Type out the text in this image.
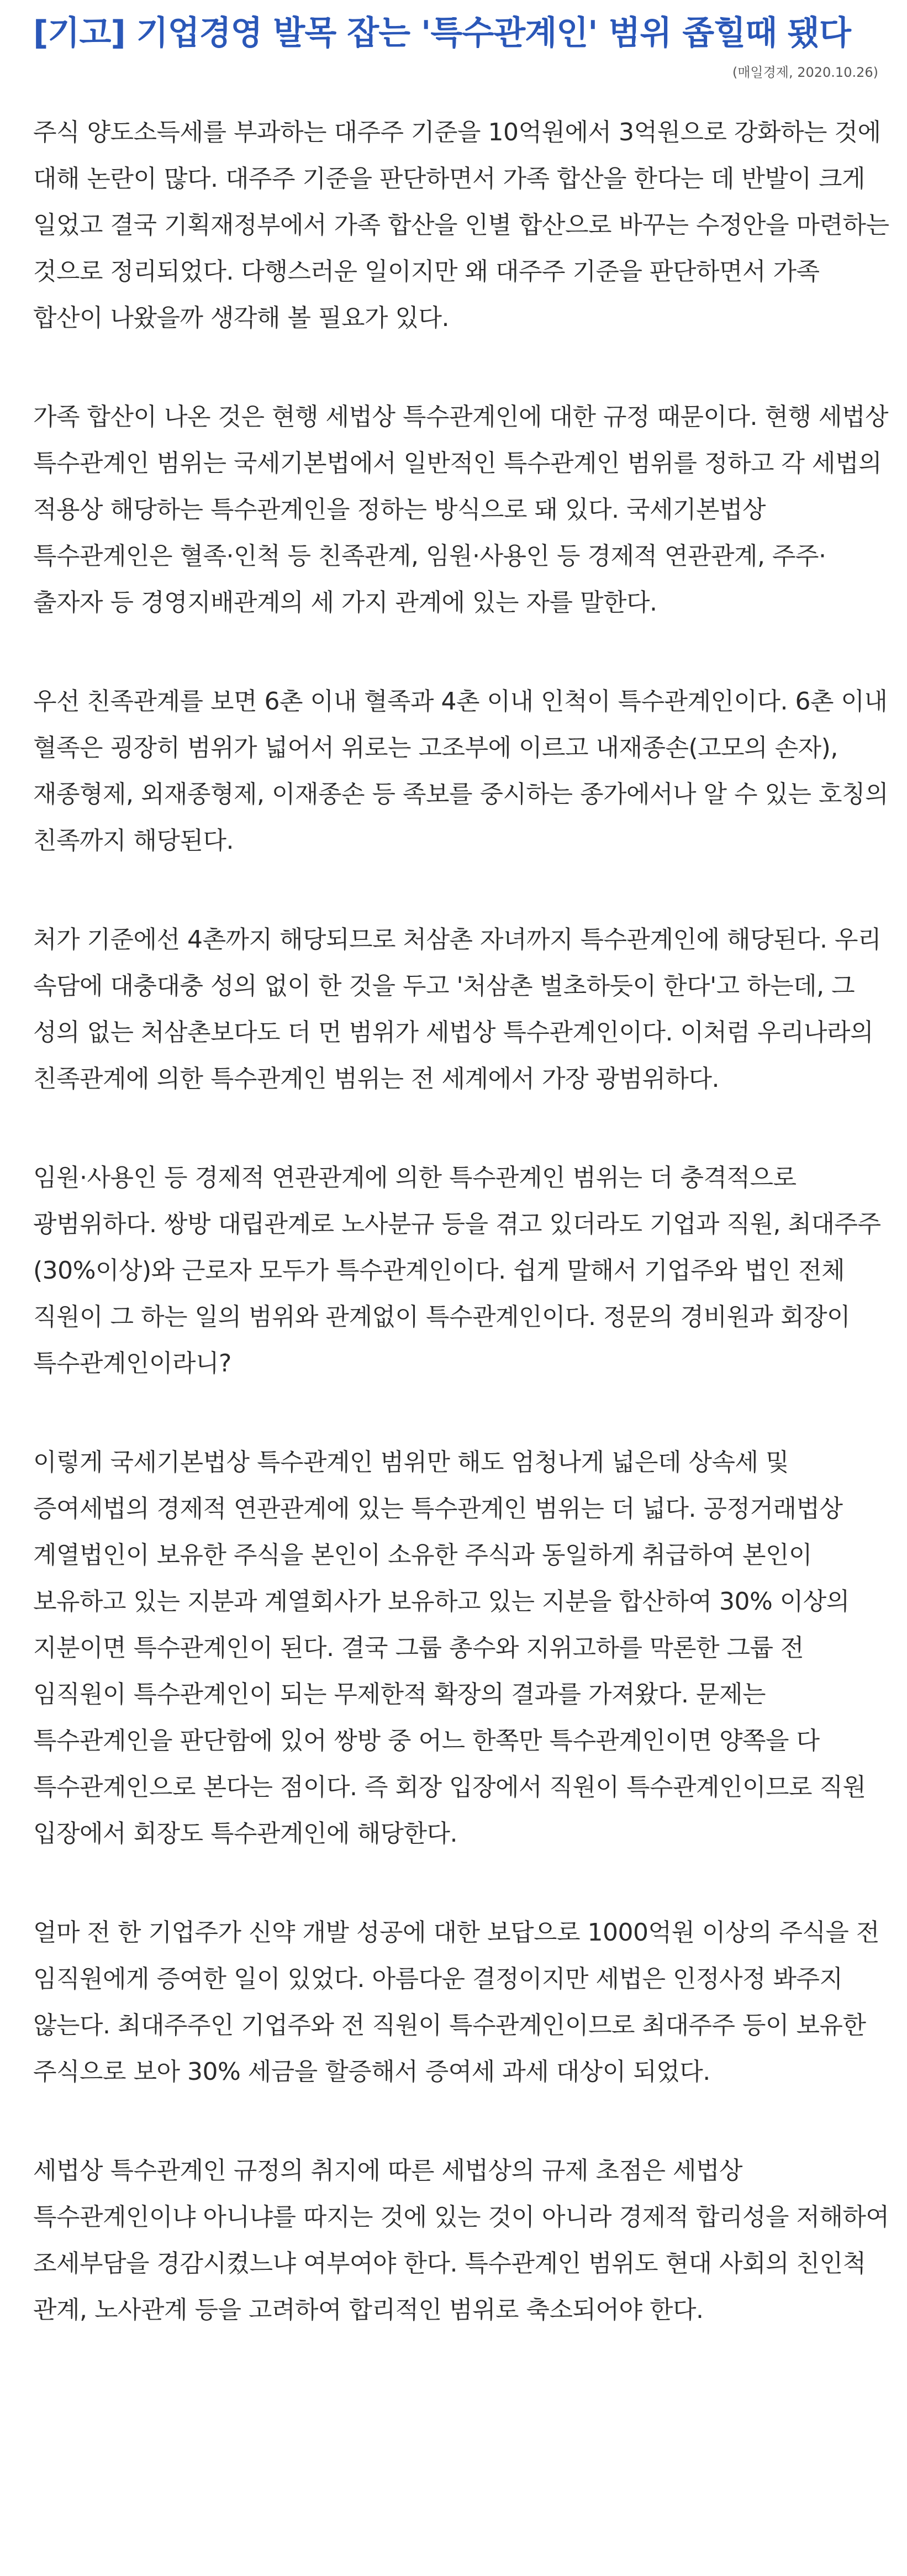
[기고] 기업경영 발목 잡는 '특수관계인' 범위 좁힐때 됐다
(매일경제, 2020.10.26)

주식 양도소득세를 부과하는 대주주 기준을 10억원에서 3억원으로 강화하는 것에 대해 논란이 많다. 대주주 기준을 판단하면서 가족 합산을 한다는 데 반발이 크게 일었고 결국 기획재정부에서 가족 합산을 인별 합산으로 바꾸는 수정안을 마련하는 것으로 정리되었다. 다행스러운 일이지만 왜 대주주 기준을 판단하면서 가족 합산이 나왔을까 생각해 볼 필요가 있다.

가족 합산이 나온 것은 현행 세법상 특수관계인에 대한 규정 때문이다. 현행 세법상 특수관계인 범위는 국세기본법에서 일반적인 특수관계인 범위를 정하고 각 세법의 적용상 해당하는 특수관계인을 정하는 방식으로 돼 있다. 국세기본법상 특수관계인은 혈족·인척 등 친족관계, 임원·사용인 등 경제적 연관관계, 주주·출자자 등 경영지배관계의 세 가지 관계에 있는 자를 말한다.

우선 친족관계를 보면 6촌 이내 혈족과 4촌 이내 인척이 특수관계인이다. 6촌 이내 혈족은 굉장히 범위가 넓어서 위로는 고조부에 이르고 내재종손(고모의 손자), 재종형제, 외재종형제, 이재종손 등 족보를 중시하는 종가에서나 알 수 있는 호칭의 친족까지 해당된다.

처가 기준에선 4촌까지 해당되므로 처삼촌 자녀까지 특수관계인에 해당된다. 우리 속담에 대충대충 성의 없이 한 것을 두고 '처삼촌 벌초하듯이 한다'고 하는데, 그 성의 없는 처삼촌보다도 더 먼 범위가 세법상 특수관계인이다. 이처럼 우리나라의 친족관계에 의한 특수관계인 범위는 전 세계에서 가장 광범위하다.

임원·사용인 등 경제적 연관관계에 의한 특수관계인 범위는 더 충격적으로 광범위하다. 쌍방 대립관계로 노사분규 등을 겪고 있더라도 기업과 직원, 최대주주(30%이상)와 근로자 모두가 특수관계인이다. 쉽게 말해서 기업주와 법인 전체 직원이 그 하는 일의 범위와 관계없이 특수관계인이다. 정문의 경비원과 회장이 특수관계인이라니?

이렇게 국세기본법상 특수관계인 범위만 해도 엄청나게 넓은데 상속세 및 증여세법의 경제적 연관관계에 있는 특수관계인 범위는 더 넓다. 공정거래법상 계열법인이 보유한 주식을 본인이 소유한 주식과 동일하게 취급하여 본인이 보유하고 있는 지분과 계열회사가 보유하고 있는 지분을 합산하여 30% 이상의 지분이면 특수관계인이 된다. 결국 그룹 총수와 지위고하를 막론한 그룹 전 임직원이 특수관계인이 되는 무제한적 확장의 결과를 가져왔다. 문제는 특수관계인을 판단함에 있어 쌍방 중 어느 한쪽만 특수관계인이면 양쪽을 다 특수관계인으로 본다는 점이다. 즉 회장 입장에서 직원이 특수관계인이므로 직원 입장에서 회장도 특수관계인에 해당한다.

얼마 전 한 기업주가 신약 개발 성공에 대한 보답으로 1000억원 이상의 주식을 전 임직원에게 증여한 일이 있었다. 아름다운 결정이지만 세법은 인정사정 봐주지 않는다. 최대주주인 기업주와 전 직원이 특수관계인이므로 최대주주 등이 보유한 주식으로 보아 30% 세금을 할증해서 증여세 과세 대상이 되었다.

세법상 특수관계인 규정의 취지에 따른 세법상의 규제 초점은 세법상 특수관계인이냐 아니냐를 따지는 것에 있는 것이 아니라 경제적 합리성을 저해하여 조세부담을 경감시켰느냐 여부여야 한다. 특수관계인 범위도 현대 사회의 친인척 관계, 노사관계 등을 고려하여 합리적인 범위로 축소되어야 한다.
